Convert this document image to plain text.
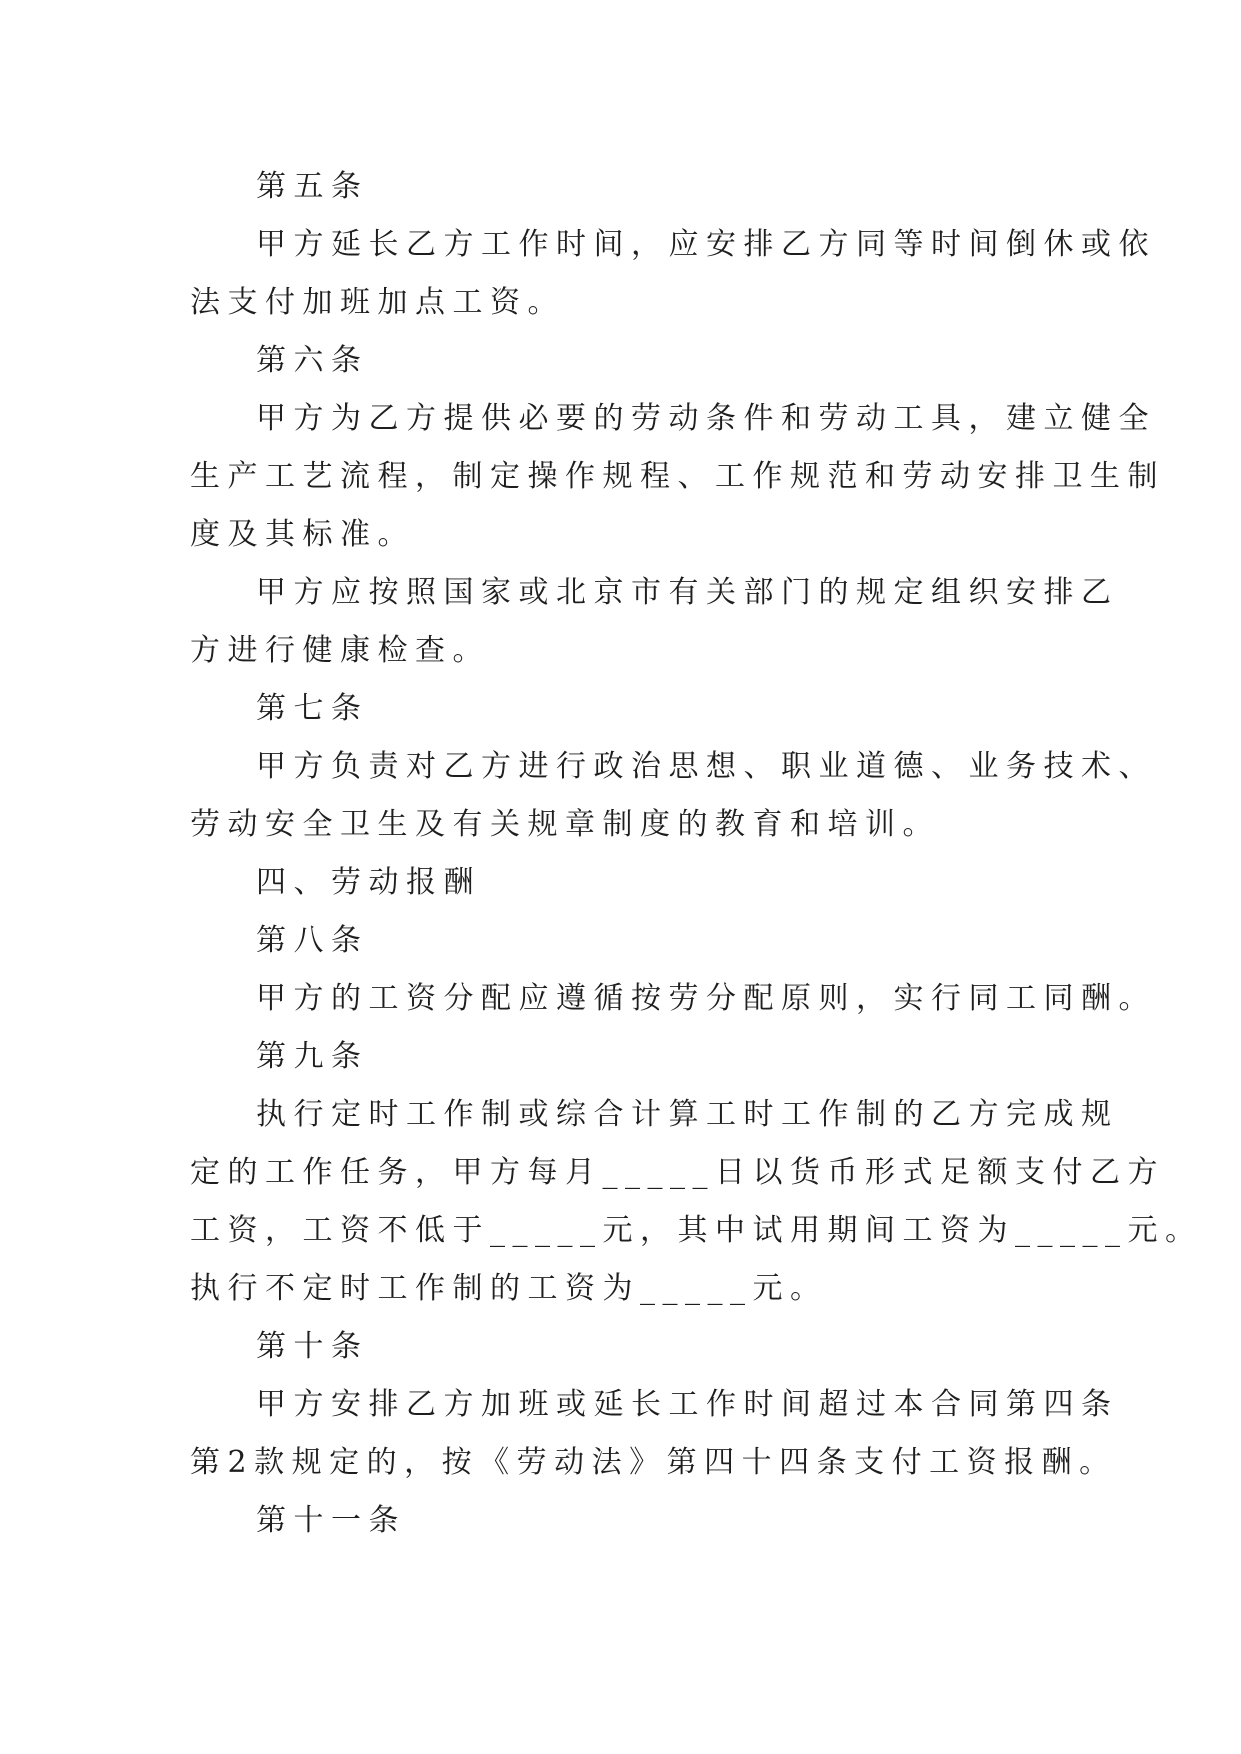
第五条
甲方延长乙方工作时间，应安排乙方同等时间倒休或依
法支付加班加点工资。
第六条
甲方为乙方提供必要的劳动条件和劳动工具，建立健全
生产工艺流程，制定操作规程、工作规范和劳动安排卫生制
度及其标准。
甲方应按照国家或北京市有关部门的规定组织安排乙
方进行健康检查。
第七条
甲方负责对乙方进行政治思想、职业道德、业务技术、
劳动安全卫生及有关规章制度的教育和培训。
四、劳动报酬
第八条
甲方的工资分配应遵循按劳分配原则，实行同工同酬。
第九条
执行定时工作制或综合计算工时工作制的乙方完成规
定的工作任务，甲方每月_____日以货币形式足额支付乙方
工资，工资不低于_____元，其中试用期间工资为_____元。
执行不定时工作制的工资为_____元。
第十条
甲方安排乙方加班或延长工作时间超过本合同第四条
第2款规定的，按《劳动法》第四十四条支付工资报酬。
第十一条
